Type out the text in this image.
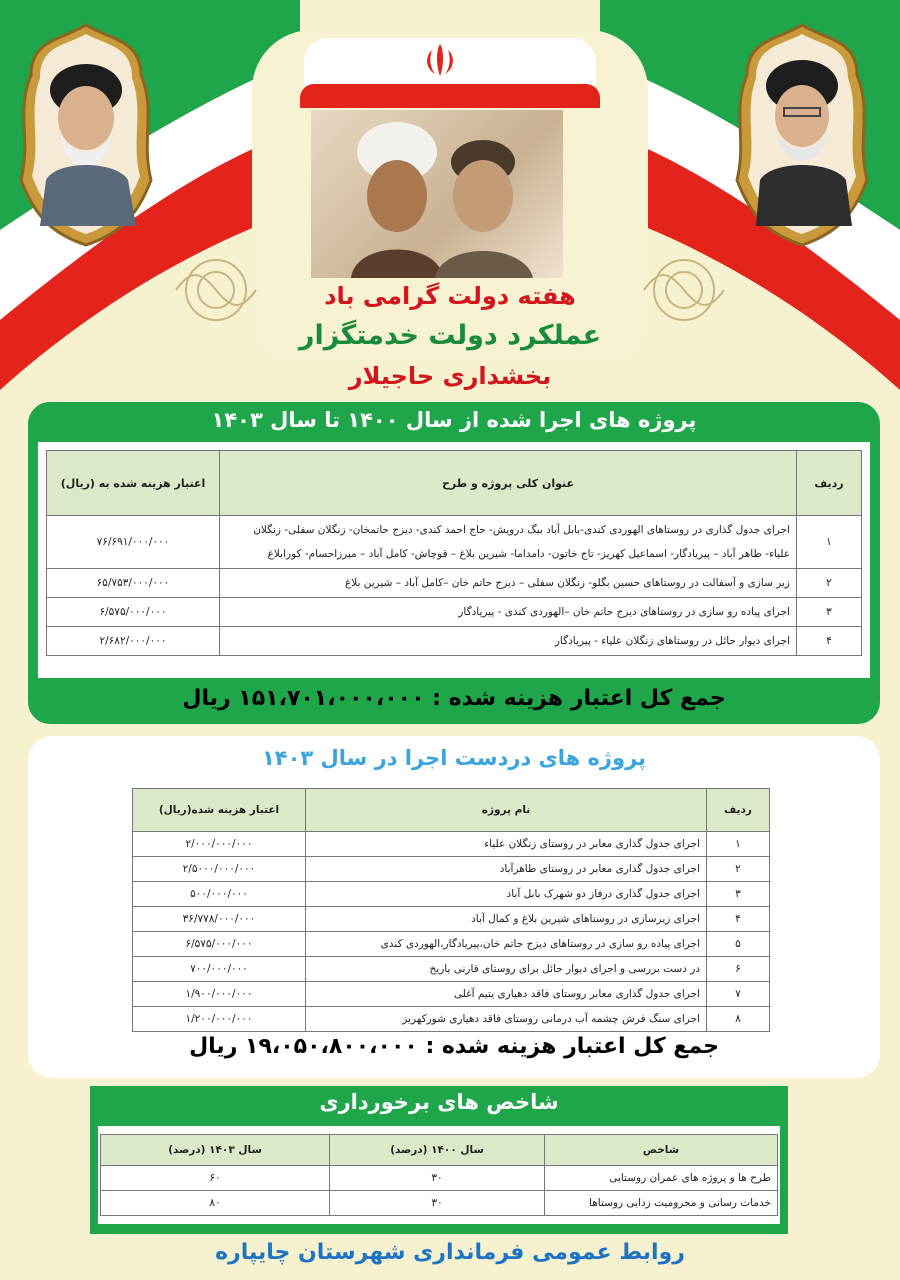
هفته دولت گرامی باد
عملکرد دولت خدمتگزار
بخشداری حاجیلار
پروژه های اجرا شده از سال ۱۴۰۰ تا سال ۱۴۰۳
ردیف	عنوان کلی پروژه و طرح	اعتبار هزینه شده به (ریال)
۱	اجرای جدول گذاری در روستاهای الهوردی کندی-بابل آباد بیگ درویش- حاج احمد کندی- دیزج حاتمخان- زنگلان سفلی- زنگلان علیاء- طاهر آباد – پیریادگار- اسماعیل کهریز- تاج خاتون- دامداما- شیرین بلاغ – قوچاش- کامل آباد – میرزاحسام- کورابلاغ	۷۶/۶۹۱/۰۰۰/۰۰۰
۲	زیر سازی و آسفالت در روستاهای حسین بگلو- زنگلان سفلی – دیزج حاتم خان –کامل آباد – شیرین بلاغ	۶۵/۷۵۳/۰۰۰/۰۰۰
۳	اجرای پیاده رو سازی در روستاهای دیزج حاتم خان –الهوردی کندی - پیریادگار	۶/۵۷۵/۰۰۰/۰۰۰
۴	اجرای دیوار حائل در روستاهای زنگلان علیاء - پیریادگار	۲/۶۸۲/۰۰۰/۰۰۰
جمع کل اعتبار هزینه شده : ۱۵۱،۷۰۱،۰۰۰،۰۰۰ ریال
پروژه های دردست اجرا در سال ۱۴۰۳
ردیف	نام پروژه	اعتبار هزینه شده(ریال)
۱	اجرای جدول گذاری معابر در روستای زنگلان علیاء	۲/۰۰۰/۰۰۰/۰۰۰
۲	اجرای جدول گذاری معابر در روستای طاهرآباد	۲/۵۰۰۰/۰۰۰/۰۰۰
۳	اجرای جدول گذاری درفاز دو شهرک بابل آباد	۵۰۰/۰۰۰/۰۰۰
۴	اجرای زیرسازی در روستاهای شیرین بلاغ و کمال آباد	۳۶/۷۷۸/۰۰۰/۰۰۰
۵	اجرای پیاده رو سازی در روستاهای دیزج حاتم خان،پیریادگار،الهوردی کندی	۶/۵۷۵/۰۰۰/۰۰۰
۶	در دست بررسی و اجرای دیوار حائل برای روستای قارنی یاریخ	۷۰۰/۰۰۰/۰۰۰
۷	اجرای جدول گذاری معابر روستای فاقد دهیاری یتیم آغلی	۱/۹۰۰/۰۰۰/۰۰۰
۸	اجرای سنگ فرش چشمه آب درمانی روستای فاقد دهیاری شورکهریز	۱/۲۰۰/۰۰۰/۰۰۰
جمع کل اعتبار هزینه شده : ۱۹،۰۵۰،۸۰۰،۰۰۰ ریال
شاخص های برخورداری
شاخص	سال ۱۴۰۰ (درصد)	سال ۱۴۰۳ (درصد)
طرح ها و پروژه های عمران روستایی	۳۰	۶۰
خدمات رسانی و محرومیت زدایی روستاها	۳۰	۸۰
روابط عمومی فرمانداری شهرستان چایپاره
